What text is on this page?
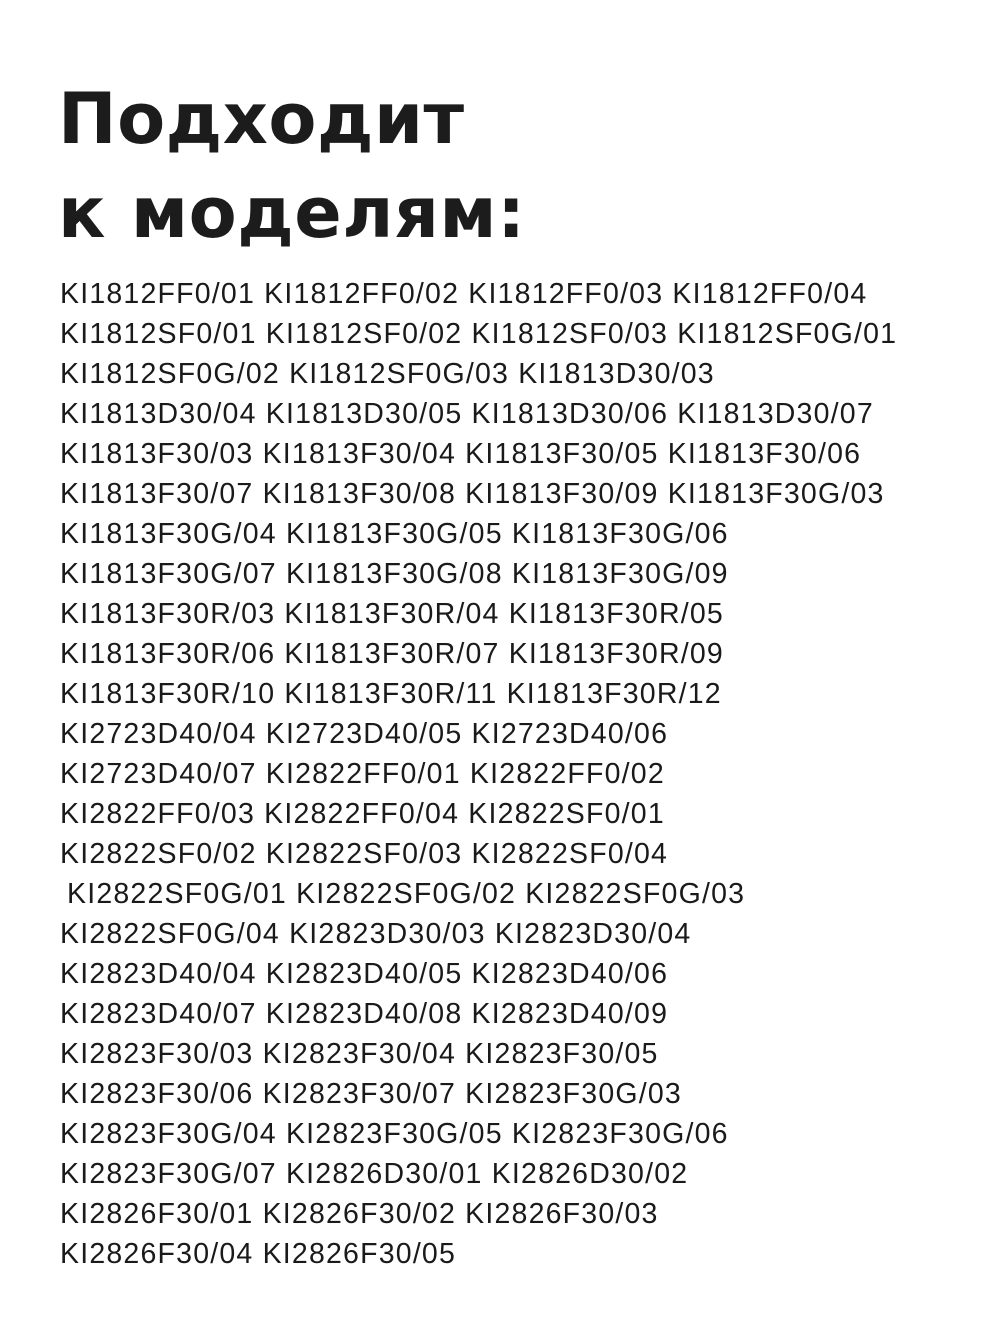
Подходит
к моделям:
KI1812FF0/01 KI1812FF0/02 KI1812FF0/03 KI1812FF0/04
KI1812SF0/01 KI1812SF0/02 KI1812SF0/03 KI1812SF0G/01
KI1812SF0G/02 KI1812SF0G/03 KI1813D30/03
KI1813D30/04 KI1813D30/05 KI1813D30/06 KI1813D30/07
KI1813F30/03 KI1813F30/04 KI1813F30/05 KI1813F30/06
KI1813F30/07 KI1813F30/08 KI1813F30/09 KI1813F30G/03
KI1813F30G/04 KI1813F30G/05 KI1813F30G/06
KI1813F30G/07 KI1813F30G/08 KI1813F30G/09
KI1813F30R/03 KI1813F30R/04 KI1813F30R/05
KI1813F30R/06 KI1813F30R/07 KI1813F30R/09
KI1813F30R/10 KI1813F30R/11 KI1813F30R/12
KI2723D40/04 KI2723D40/05 KI2723D40/06
KI2723D40/07 KI2822FF0/01 KI2822FF0/02
KI2822FF0/03 KI2822FF0/04 KI2822SF0/01
KI2822SF0/02 KI2822SF0/03 KI2822SF0/04
KI2822SF0G/01 KI2822SF0G/02 KI2822SF0G/03
KI2822SF0G/04 KI2823D30/03 KI2823D30/04
KI2823D40/04 KI2823D40/05 KI2823D40/06
KI2823D40/07 KI2823D40/08 KI2823D40/09
KI2823F30/03 KI2823F30/04 KI2823F30/05
KI2823F30/06 KI2823F30/07 KI2823F30G/03
KI2823F30G/04 KI2823F30G/05 KI2823F30G/06
KI2823F30G/07 KI2826D30/01 KI2826D30/02
KI2826F30/01 KI2826F30/02 KI2826F30/03
KI2826F30/04 KI2826F30/05
